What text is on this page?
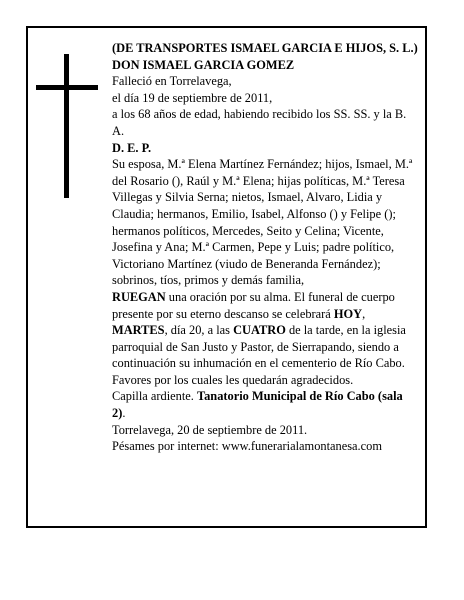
(DE TRANSPORTES ISMAEL GARCIA E HIJOS, S. L.)

DON ISMAEL GARCIA GOMEZ

Falleció en Torrelavega,

el día 19 de septiembre de 2011,

a los 68 años de edad, habiendo recibido los SS. SS. y la B. A.

D. E. P.

Su esposa, M.ª Elena Martínez Fernández; hijos, Ismael, M.ª del Rosario (), Raúl y M.ª Elena; hijas políticas, M.ª Teresa Villegas y Silvia Serna; nietos, Ismael, Alvaro, Lidia y Claudia; hermanos, Emilio, Isabel, Alfonso () y Felipe (); hermanos políticos, Mercedes, Seito y Celina; Vicente, Josefina y Ana; M.ª Carmen, Pepe y Luis; padre político, Victoriano Martínez (viudo de Beneranda Fernández); sobrinos, tíos, primos y demás familia,

RUEGAN una oración por su alma. El funeral de cuerpo presente por su eterno descanso se celebrará HOY, MARTES, día 20, a las CUATRO de la tarde, en la iglesia parroquial de San Justo y Pastor, de Sierrapando, siendo a continuación su inhumación en el cementerio de Río Cabo. Favores por los cuales les quedarán agradecidos.

Capilla ardiente. Tanatorio Municipal de Río Cabo (sala 2).

Torrelavega, 20 de septiembre de 2011.

Pésames por internet: www.funerarialamontanesa.com
